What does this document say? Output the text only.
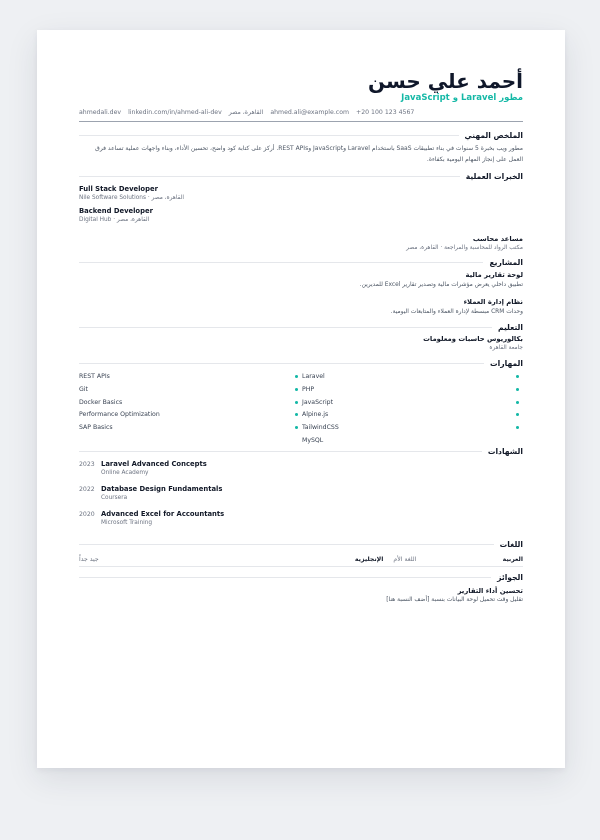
أحمد علي حسن
مطور Laravel و JavaScript
ahmedali.dev linkedin.com/in/ahmed-ali-dev القاهرة، مصر ahmed.ali@example.com +20 100 123 4567
الملخص المهني
مطور ويب بخبرة 5 سنوات في بناء تطبيقات SaaS باستخدام Laravel وJavaScript وREST APIs. أركز على كتابة كود واضح، تحسين الأداء، وبناء واجهات عملية تساعد فرق العمل على إنجاز المهام اليومية بكفاءة.
الخبرات العملية
Full Stack Developer
Nile Software Solutions · القاهرة، مصر
Backend Developer
Digital Hub · القاهرة، مصر
مساعد محاسب
مكتب الرواد للمحاسبة والمراجعة · القاهرة، مصر
المشاريع
لوحة تقارير مالية
تطبيق داخلي يعرض مؤشرات مالية وتصدير تقارير Excel للمديرين.
نظام إدارة العملاء
وحدات CRM مبسطة لإدارة العملاء والمتابعات اليومية.
التعليم
بكالوريوس حاسبات ومعلومات
جامعة القاهرة
المهارات
REST APIs
Git
Docker Basics
Performance Optimization
SAP Basics
Laravel
PHP
JavaScript
Alpine.js
TailwindCSS
MySQL
الشهادات
2023 Laravel Advanced Concepts
Online Academy
2022 Database Design Fundamentals
Coursera
2020 Advanced Excel for Accountants
Microsoft Training
اللغات
العربية
اللغة الأم
الإنجليزية
جيد جداً
الجوائز
تحسين أداء التقارير
تقليل وقت تحميل لوحة البيانات بنسبة [أضف النسبة هنا]
